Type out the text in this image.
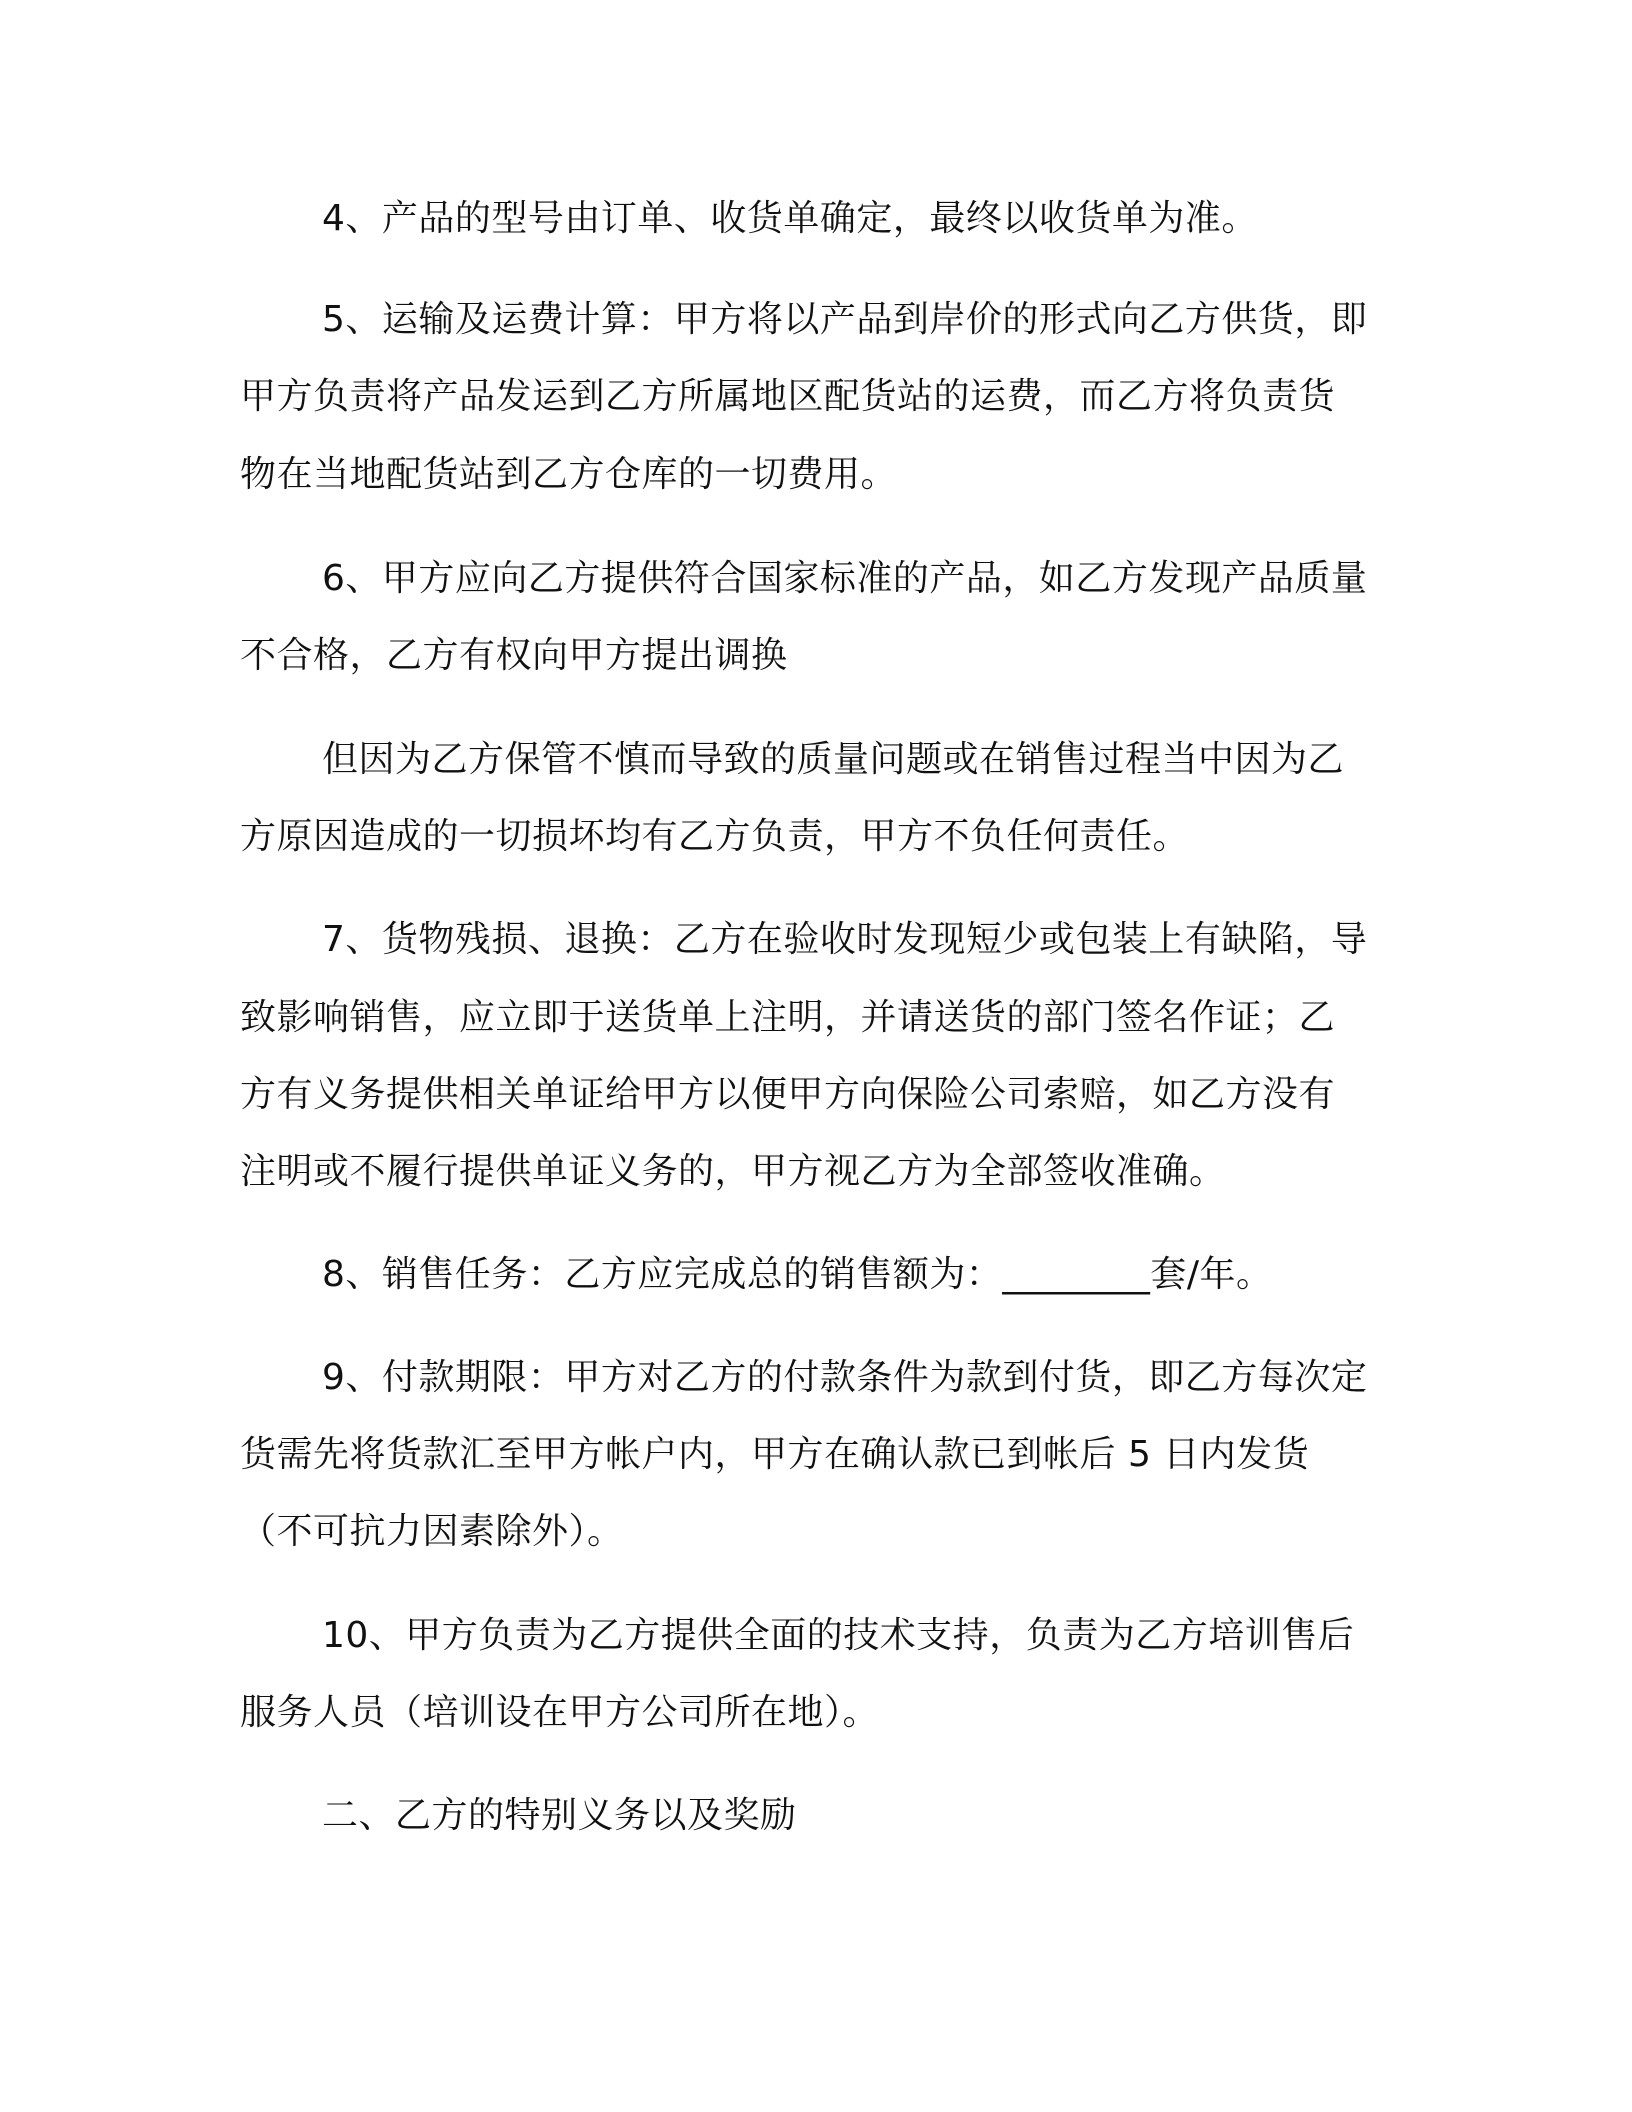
4、产品的型号由订单、收货单确定，最终以收货单为准。

5、运输及运费计算：甲方将以产品到岸价的形式向乙方供货，即

甲方负责将产品发运到乙方所属地区配货站的运费，而乙方将负责货

物在当地配货站到乙方仓库的一切费用。

6、甲方应向乙方提供符合国家标准的产品，如乙方发现产品质量

不合格，乙方有权向甲方提出调换

但因为乙方保管不慎而导致的质量问题或在销售过程当中因为乙

方原因造成的一切损坏均有乙方负责，甲方不负任何责任。

7、货物残损、退换：乙方在验收时发现短少或包装上有缺陷，导

致影响销售，应立即于送货单上注明，并请送货的部门签名作证；乙

方有义务提供相关单证给甲方以便甲方向保险公司索赔，如乙方没有

注明或不履行提供单证义务的，甲方视乙方为全部签收准确。

8、销售任务：乙方应完成总的销售额为：________套/年。

9、付款期限：甲方对乙方的付款条件为款到付货，即乙方每次定

货需先将货款汇至甲方帐户内，甲方在确认款已到帐后 5 日内发货

（不可抗力因素除外）。

10、甲方负责为乙方提供全面的技术支持，负责为乙方培训售后

服务人员（培训设在甲方公司所在地）。

二、乙方的特别义务以及奖励
